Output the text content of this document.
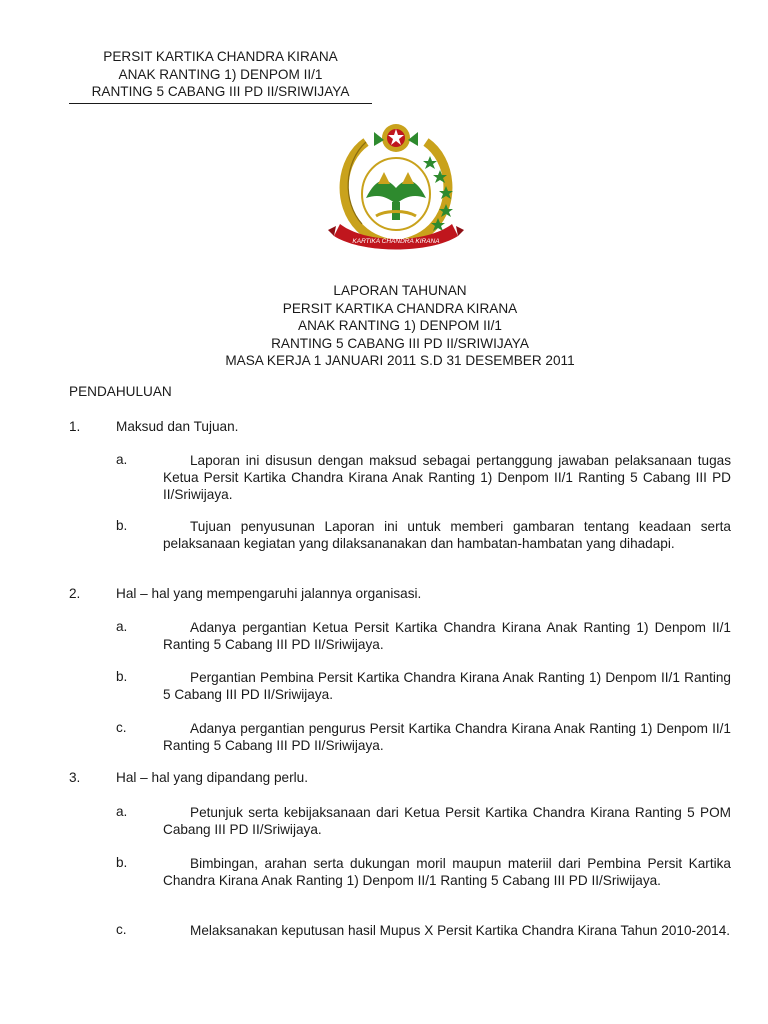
PERSIT KARTIKA CHANDRA KIRANA
ANAK RANTING 1) DENPOM II/1
RANTING 5 CABANG III PD II/SRIWIJAYA
KARTIKA CHANDRA KIRANA
LAPORAN TAHUNAN
PERSIT KARTIKA CHANDRA KIRANA
ANAK RANTING 1) DENPOM II/1
RANTING 5 CABANG III PD II/SRIWIJAYA
MASA KERJA 1 JANUARI 2011 S.D 31 DESEMBER 2011
PENDAHULUAN
1.	Maksud dan Tujuan.
a.	Laporan ini disusun dengan maksud sebagai pertanggung jawaban pelaksanaan tugas Ketua Persit Kartika Chandra Kirana Anak Ranting 1) Denpom II/1 Ranting 5 Cabang III PD II/Sriwijaya.
b.	Tujuan penyusunan Laporan ini untuk memberi gambaran tentang keadaan serta pelaksanaan kegiatan yang dilaksananakan dan hambatan-hambatan yang dihadapi.
2.	Hal – hal yang mempengaruhi jalannya organisasi.
a.	Adanya pergantian Ketua Persit Kartika Chandra Kirana Anak Ranting 1) Denpom II/1 Ranting 5 Cabang III PD II/Sriwijaya.
b.	Pergantian Pembina Persit Kartika Chandra Kirana Anak Ranting 1) Denpom II/1 Ranting 5 Cabang III PD II/Sriwijaya.
c.	Adanya pergantian pengurus Persit Kartika Chandra Kirana Anak Ranting 1) Denpom II/1 Ranting 5 Cabang III PD II/Sriwijaya.
3.	Hal – hal yang dipandang perlu.
a.	Petunjuk serta kebijaksanaan dari Ketua Persit Kartika Chandra Kirana Ranting 5 POM Cabang III PD II/Sriwijaya.
b.	Bimbingan, arahan serta dukungan moril maupun materiil dari Pembina Persit Kartika Chandra Kirana Anak Ranting 1) Denpom II/1 Ranting 5 Cabang III PD II/Sriwijaya.
c.	Melaksanakan keputusan hasil Mupus X Persit Kartika Chandra Kirana Tahun 2010-2014.
